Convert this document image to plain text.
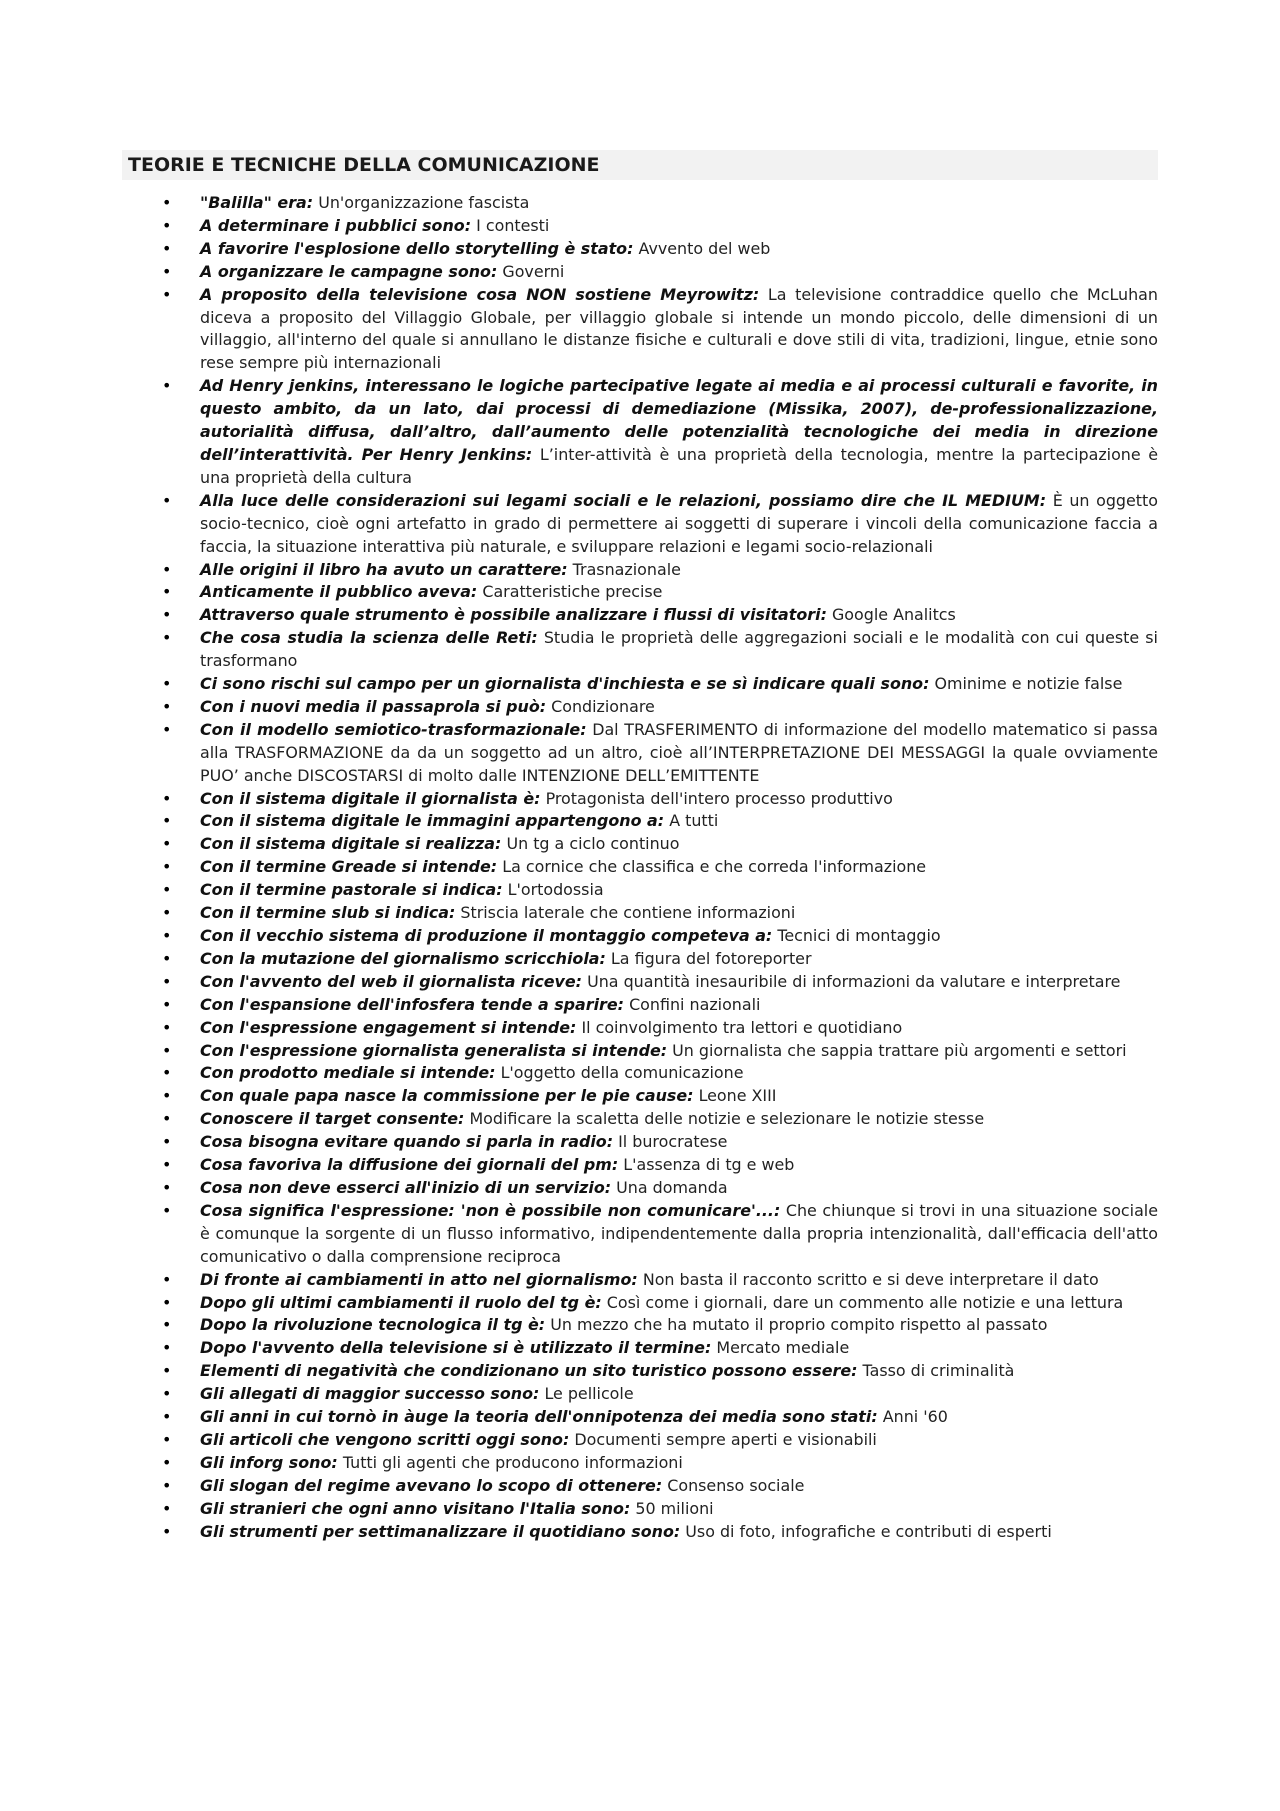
TEORIE E TECNICHE DELLA COMUNICAZIONE
• "Balilla" era: Un'organizzazione fascista
• A determinare i pubblici sono: I contesti
• A favorire l'esplosione dello storytelling è stato: Avvento del web
• A organizzare le campagne sono: Governi
• A proposito della televisione cosa NON sostiene Meyrowitz: La televisione contraddice quello che McLuhan diceva a proposito del Villaggio Globale, per villaggio globale si intende un mondo piccolo, delle dimensioni di un villaggio, all'interno del quale si annullano le distanze fisiche e culturali e dove stili di vita, tradizioni, lingue, etnie sono rese sempre più internazionali
• Ad Henry jenkins, interessano le logiche partecipative legate ai media e ai processi culturali e favorite, in questo ambito, da un lato, dai processi di demediazione (Missika, 2007), de-professionalizzazione, autorialità diffusa, dall’altro, dall’aumento delle potenzialità tecnologiche dei media in direzione dell’interattività. Per Henry Jenkins: L’inter-attività è una proprietà della tecnologia, mentre la partecipazione è una proprietà della cultura
• Alla luce delle considerazioni sui legami sociali e le relazioni, possiamo dire che IL MEDIUM: È un oggetto socio-tecnico, cioè ogni artefatto in grado di permettere ai soggetti di superare i vincoli della comunicazione faccia a faccia, la situazione interattiva più naturale, e sviluppare relazioni e legami socio-relazionali
• Alle origini il libro ha avuto un carattere: Trasnazionale
• Anticamente il pubblico aveva: Caratteristiche precise
• Attraverso quale strumento è possibile analizzare i flussi di visitatori: Google Analitcs
• Che cosa studia la scienza delle Reti: Studia le proprietà delle aggregazioni sociali e le modalità con cui queste si trasformano
• Ci sono rischi sul campo per un giornalista d'inchiesta e se sì indicare quali sono: Ominime e notizie false
• Con i nuovi media il passaprola si può: Condizionare
• Con il modello semiotico-trasformazionale: Dal TRASFERIMENTO di informazione del modello matematico si passa alla TRASFORMAZIONE da da un soggetto ad un altro, cioè all’INTERPRETAZIONE DEI MESSAGGI la quale ovviamente PUO’ anche DISCOSTARSI di molto dalle INTENZIONE DELL’EMITTENTE
• Con il sistema digitale il giornalista è: Protagonista dell'intero processo produttivo
• Con il sistema digitale le immagini appartengono a: A tutti
• Con il sistema digitale si realizza: Un tg a ciclo continuo
• Con il termine Greade si intende: La cornice che classifica e che correda l'informazione
• Con il termine pastorale si indica: L'ortodossia
• Con il termine slub si indica: Striscia laterale che contiene informazioni
• Con il vecchio sistema di produzione il montaggio competeva a: Tecnici di montaggio
• Con la mutazione del giornalismo scricchiola: La figura del fotoreporter
• Con l'avvento del web il giornalista riceve: Una quantità inesauribile di informazioni da valutare e interpretare
• Con l'espansione dell'infosfera tende a sparire: Confini nazionali
• Con l'espressione engagement si intende: Il coinvolgimento tra lettori e quotidiano
• Con l'espressione giornalista generalista si intende: Un giornalista che sappia trattare più argomenti e settori
• Con prodotto mediale si intende: L'oggetto della comunicazione
• Con quale papa nasce la commissione per le pie cause: Leone XIII
• Conoscere il target consente: Modificare la scaletta delle notizie e selezionare le notizie stesse
• Cosa bisogna evitare quando si parla in radio: Il burocratese
• Cosa favoriva la diffusione dei giornali del pm: L'assenza di tg e web
• Cosa non deve esserci all'inizio di un servizio: Una domanda
• Cosa significa l'espressione: 'non è possibile non comunicare'...: Che chiunque si trovi in una situazione sociale è comunque la sorgente di un flusso informativo, indipendentemente dalla propria intenzionalità, dall'efficacia dell'atto comunicativo o dalla comprensione reciproca
• Di fronte ai cambiamenti in atto nel giornalismo: Non basta il racconto scritto e si deve interpretare il dato
• Dopo gli ultimi cambiamenti il ruolo del tg è: Così come i giornali, dare un commento alle notizie e una lettura
• Dopo la rivoluzione tecnologica il tg è: Un mezzo che ha mutato il proprio compito rispetto al passato
• Dopo l'avvento della televisione si è utilizzato il termine: Mercato mediale
• Elementi di negatività che condizionano un sito turistico possono essere: Tasso di criminalità
• Gli allegati di maggior successo sono: Le pellicole
• Gli anni in cui tornò in àuge la teoria dell'onnipotenza dei media sono stati: Anni '60
• Gli articoli che vengono scritti oggi sono: Documenti sempre aperti e visionabili
• Gli inforg sono: Tutti gli agenti che producono informazioni
• Gli slogan del regime avevano lo scopo di ottenere: Consenso sociale
• Gli stranieri che ogni anno visitano l'Italia sono: 50 milioni
• Gli strumenti per settimanalizzare il quotidiano sono: Uso di foto, infografiche e contributi di esperti
